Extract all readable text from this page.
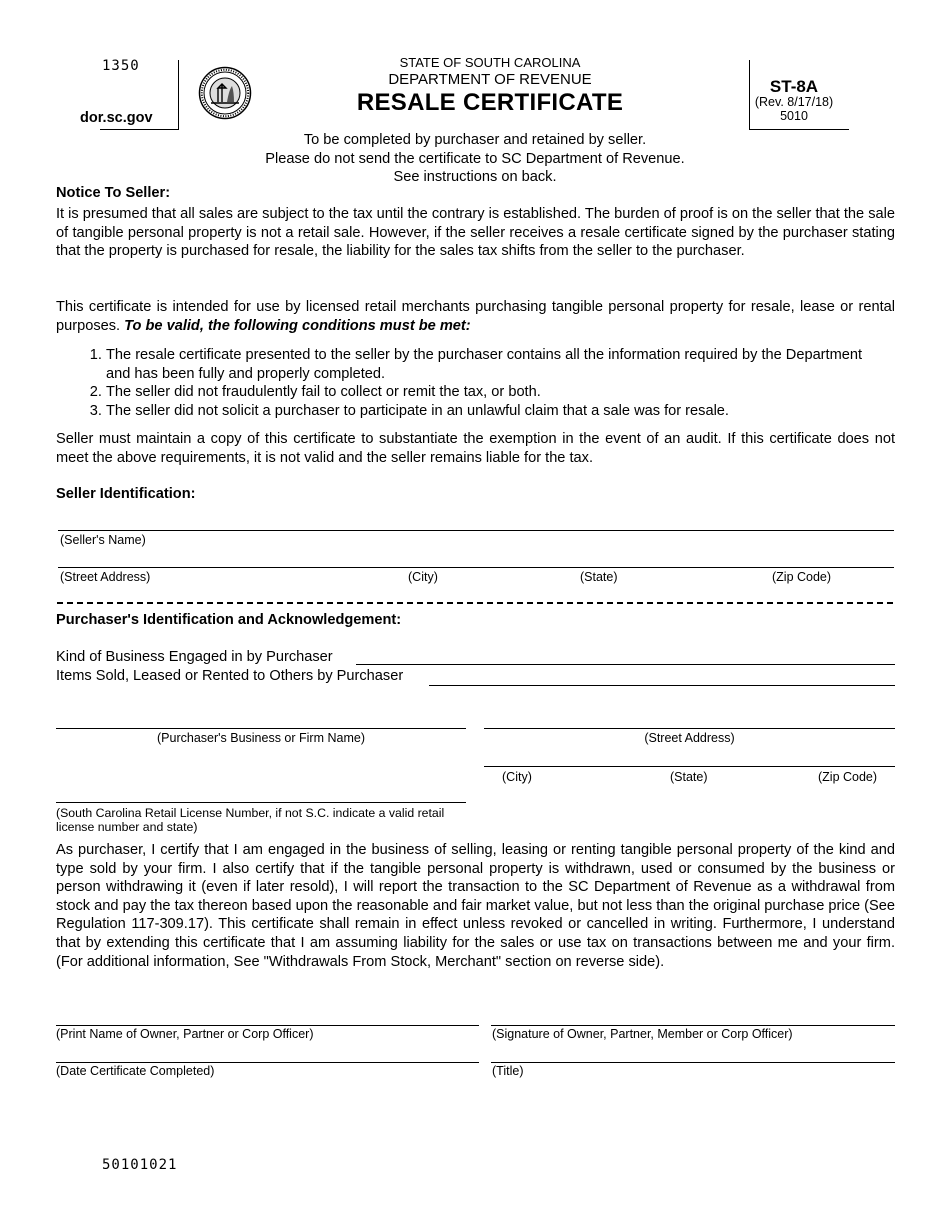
1350
dor.sc.gov
STATE OF SOUTH CAROLINA
DEPARTMENT OF REVENUE
RESALE CERTIFICATE
ST-8A
(Rev. 8/17/18)
5010
To be completed by purchaser and retained by seller.
Please do not send the certificate to SC Department of Revenue.
See instructions on back.
Notice To Seller:
It is presumed that all sales are subject to the tax until the contrary is established. The burden of proof is on the seller that the sale of tangible personal property is not a retail sale. However, if the seller receives a resale certificate signed by the purchaser stating that the property is purchased for resale, the liability for the sales tax shifts from the seller to the purchaser.
This certificate is intended for use by licensed retail merchants purchasing tangible personal property for resale, lease or rental purposes. To be valid, the following conditions must be met:
1. The resale certificate presented to the seller by the purchaser contains all the information required by the Department and has been fully and properly completed.
2. The seller did not fraudulently fail to collect or remit the tax, or both.
3. The seller did not solicit a purchaser to participate in an unlawful claim that a sale was for resale.
Seller must maintain a copy of this certificate to substantiate the exemption in the event of an audit. If this certificate does not meet the above requirements, it is not valid and the seller remains liable for the tax.
Seller Identification:
(Seller's Name)
(Street Address)	(City)	(State)	(Zip Code)
Purchaser's Identification and Acknowledgement:
Kind of Business Engaged in by Purchaser
Items Sold, Leased or Rented to Others by Purchaser
(Purchaser's Business or Firm Name)	(Street Address)
(City)	(State)	(Zip Code)
(South Carolina Retail License Number, if not S.C. indicate a valid retail license number and state)
As purchaser, I certify that I am engaged in the business of selling, leasing or renting tangible personal property of the kind and type sold by your firm. I also certify that if the tangible personal property is withdrawn, used or consumed by the business or person withdrawing it (even if later resold), I will report the transaction to the SC Department of Revenue as a withdrawal from stock and pay the tax thereon based upon the reasonable and fair market value, but not less than the original purchase price (See Regulation 117-309.17). This certificate shall remain in effect unless revoked or cancelled in writing. Furthermore, I understand that by extending this certificate that I am assuming liability for the sales or use tax on transactions between me and your firm. (For additional information, See "Withdrawals From Stock, Merchant" section on reverse side).
(Print Name of Owner, Partner or Corp Officer)	(Signature of Owner, Partner, Member or Corp Officer)
(Date Certificate Completed)	(Title)
50101021
